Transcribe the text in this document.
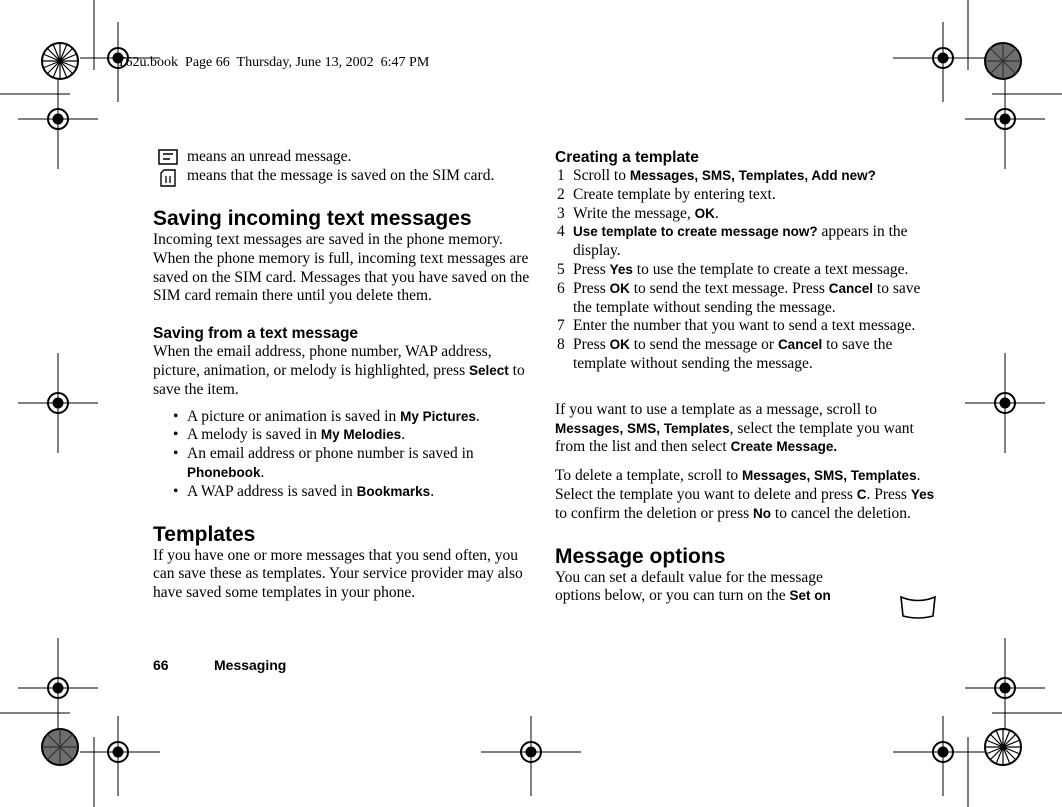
T62u.book  Page 66  Thursday, June 13, 2002  6:47 PM
means an unread message.
means that the message is saved on the SIM card.
Saving incoming text messages

Incoming text messages are saved in the phone memory. When the phone memory is full, incoming text messages are saved on the SIM card. Messages that you have saved on the SIM card remain there until you delete them.

Saving from a text message

When the email address, phone number, WAP address, picture, animation, or melody is highlighted, press Select to save the item.

• A picture or animation is saved in My Pictures.
• A melody is saved in My Melodies.
• An email address or phone number is saved in Phonebook.
• A WAP address is saved in Bookmarks.
Templates

If you have one or more messages that you send often, you can save these as templates. Your service provider may also have saved some templates in your phone.

Creating a template
1 Scroll to Messages, SMS, Templates, Add new?
2 Create template by entering text.
3 Write the message, OK.
4 Use template to create message now? appears in the display.
5 Press Yes to use the template to create a text message.
6 Press OK to send the text message. Press Cancel to save the template without sending the message.
7 Enter the number that you want to send a text message.
8 Press OK to send the message or Cancel to save the template without sending the message.

If you want to use a template as a message, scroll to Messages, SMS, Templates, select the template you want from the list and then select Create Message.

To delete a template, scroll to Messages, SMS, Templates. Select the template you want to delete and press C. Press Yes to confirm the deletion or press No to cancel the deletion.

Message options

You can set a default value for the message options below, or you can turn on the Set on

66	Messaging
